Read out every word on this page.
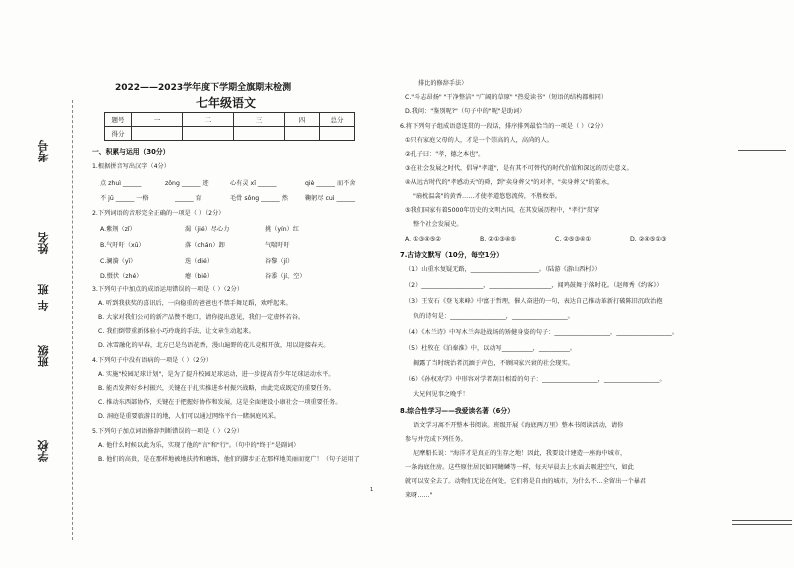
考号
姓名
年
班
班级
学校
2022——2023学年度下学期全旗期末检测
七年级语文
题号	一	二	三	四	总分
得分					
一、积累与运用（30分）
1.根据拼音写出汉字（4分）
点 zhuì ______	zōng ______ 迹	心有灵 xī ______	qiè ______ 而不舍
不 jū ______ 一格	______ 育	毛骨 sǒng ______ 然	鞠躬尽 cuì ______
2.下列词语的音形完全正确的一项是（ ）（2分）
A.紫荆（zǐ）	渴（jié）尽心力	挑（yín）红
B.气吁吁（xū）	落（chán）卸	气喘吁吁
C.澜漪（yī）	迭（dié）	谷黎（jí）
D.慑伏（zhé）	瘪（biē）	谷黍（jí、空）
3.下列句子中加点的成语运用错误的一项是（ ）（2分）
A. 听到我获奖的喜讯后，一向稳重的爸爸也不禁手舞足蹈，欢呼起来。
B. 大家对我们公司的新产品赞不绝口，请你提出意见，我们一定虚怀若谷。
C. 我们倒带重新体验小巧玲珑的手法，让文章生动起来。
D. 冰雪融化的早春，北方已是鸟语花香，漫山遍野的花儿竞相开放，用以迎接春天。
4.下列句子中没有语病的一项是（ ）（2分）
A. 实施"校园足球计划"，是为了提升校园足球运动，进一步提高青少年足球运动水平。
B. 能否发挥好乡村振兴，关键在于扎实推进乡村振兴战略，由此完成既定的重要任务。
C. 推动东西部协作，关键在于把握好协作和发展，这是全面建设小康社会一项重要任务。
D. 洞庭是重要旅游目的地，人们可以通过网络平台一睹洞庭风采。
5.下列句子加点词语修辞判断错误的一项是（ ）（2分）
A. 他什么时候以此为乐，实现了他的"言"和"行"。（句中的"终于"是副词）
B. 他们的高贵，是在那样地被地扶持和磨练，他们的脚步正在那样地美丽而宽广！（句子运用了
1
排比的修辞手法）
C."斗志昂扬" "干净整洁" "广阔的草原" "热爱读书"（短语的结构都相同）
D.我问："鉴别呢?"（句子中的"呢"是助词）
6.将下列句子组成语意连贯的一段话，排序排列最恰当的一项是（ ）（2分）
①只有家庭父母的人，才是一个崇高的人，高尚的人。
②孔子曰："孝，德之本也"。
③在社会发展之时代，倡导"孝道"，是有其不可替代的时代价值和深远的历史意义。
④从远古时代的"孝感动天"的舜，到"卖身葬父"的对孝，"卖身葬父"的董永，
"扇枕温衾"的黄香……才使孝道悠悠流传，不胜枚举。
⑤我们国家有着5000年历史的文明古国，在其发展历程中，"孝行"贯穿
整个社会发展史。
A. ①③④⑤②	B. ②①③④⑤	C. ②⑤③④①	D. ②④⑤①③
7.古诗文默写（10分，每空1分）
（1）山重水复疑无路，______________________。（陆游《游山西村》）
（2）____________________，____________________，闻鸡鼓舞于落时花。（赵师秀《约客》）
（3）王安石《登飞来峰》中富于哲理，催人奋进的一句，表达自己推动革新打破陈旧沉政治抱
负的诗句是：__________________，__________________。
（4）《木兰诗》中写木兰奔赴战场的矫健身姿的句子：__________________，__________________。
（5）杜牧在《泊秦淮》中，以动写__________，__________。
揭露了当时统治者沉湎于声色，不顾国家兴衰的社会现实。
（6）《孙权劝学》中形容对学者刮目相看的句子：__________________，__________________。
大兄何见事之晚乎！
8.综合性学习——我爱读名著（6分）
语文学习离不开整本书阅读。班级开展《海底两万里》整本书阅读活动，请你
参与并完成下列任务。
尼摩船长说："海洋才是真正的生存之地！因此，我要设计建造一座海中城市，
一条海底住房。这些原住居民如同鳍鳞等一样，每天早晨去上水面去吸进空气，如此
就可以安全去了。动物们无论在何处，它们将是自由的城市，为什么不...全留出一个暴君
来呀……"
